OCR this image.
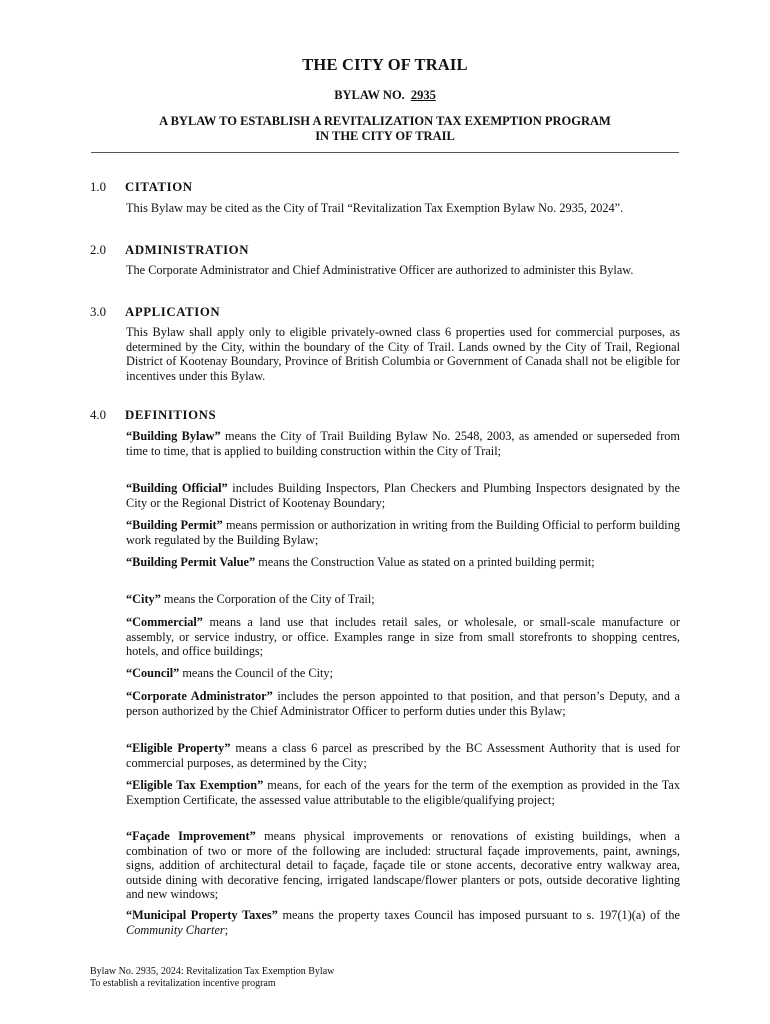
THE CITY OF TRAIL
BYLAW NO. 2935
A BYLAW TO ESTABLISH A REVITALIZATION TAX EXEMPTION PROGRAM
IN THE CITY OF TRAIL
1.0 CITATION
This Bylaw may be cited as the City of Trail “Revitalization Tax Exemption Bylaw No. 2935, 2024”.
2.0 ADMINISTRATION
The Corporate Administrator and Chief Administrative Officer are authorized to administer this Bylaw.
3.0 APPLICATION
This Bylaw shall apply only to eligible privately-owned class 6 properties used for commercial purposes, as determined by the City, within the boundary of the City of Trail. Lands owned by the City of Trail, Regional District of Kootenay Boundary, Province of British Columbia or Government of Canada shall not be eligible for incentives under this Bylaw.
4.0 DEFINITIONS
“Building Bylaw” means the City of Trail Building Bylaw No. 2548, 2003, as amended or superseded from time to time, that is applied to building construction within the City of Trail;
“Building Official” includes Building Inspectors, Plan Checkers and Plumbing Inspectors designated by the City or the Regional District of Kootenay Boundary;
“Building Permit” means permission or authorization in writing from the Building Official to perform building work regulated by the Building Bylaw;
“Building Permit Value” means the Construction Value as stated on a printed building permit;
“City” means the Corporation of the City of Trail;
“Commercial” means a land use that includes retail sales, or wholesale, or small-scale manufacture or assembly, or service industry, or office. Examples range in size from small storefronts to shopping centres, hotels, and office buildings;
“Council” means the Council of the City;
“Corporate Administrator” includes the person appointed to that position, and that person’s Deputy, and a person authorized by the Chief Administrator Officer to perform duties under this Bylaw;
“Eligible Property” means a class 6 parcel as prescribed by the BC Assessment Authority that is used for commercial purposes, as determined by the City;
“Eligible Tax Exemption” means, for each of the years for the term of the exemption as provided in the Tax Exemption Certificate, the assessed value attributable to the eligible/qualifying project;
“Façade Improvement” means physical improvements or renovations of existing buildings, when a combination of two or more of the following are included: structural façade improvements, paint, awnings, signs, addition of architectural detail to façade, façade tile or stone accents, decorative entry walkway area, outside dining with decorative fencing, irrigated landscape/flower planters or pots, outside decorative lighting and new windows;
“Municipal Property Taxes” means the property taxes Council has imposed pursuant to s. 197(1)(a) of the Community Charter;
Bylaw No. 2935, 2024: Revitalization Tax Exemption Bylaw
To establish a revitalization incentive program
